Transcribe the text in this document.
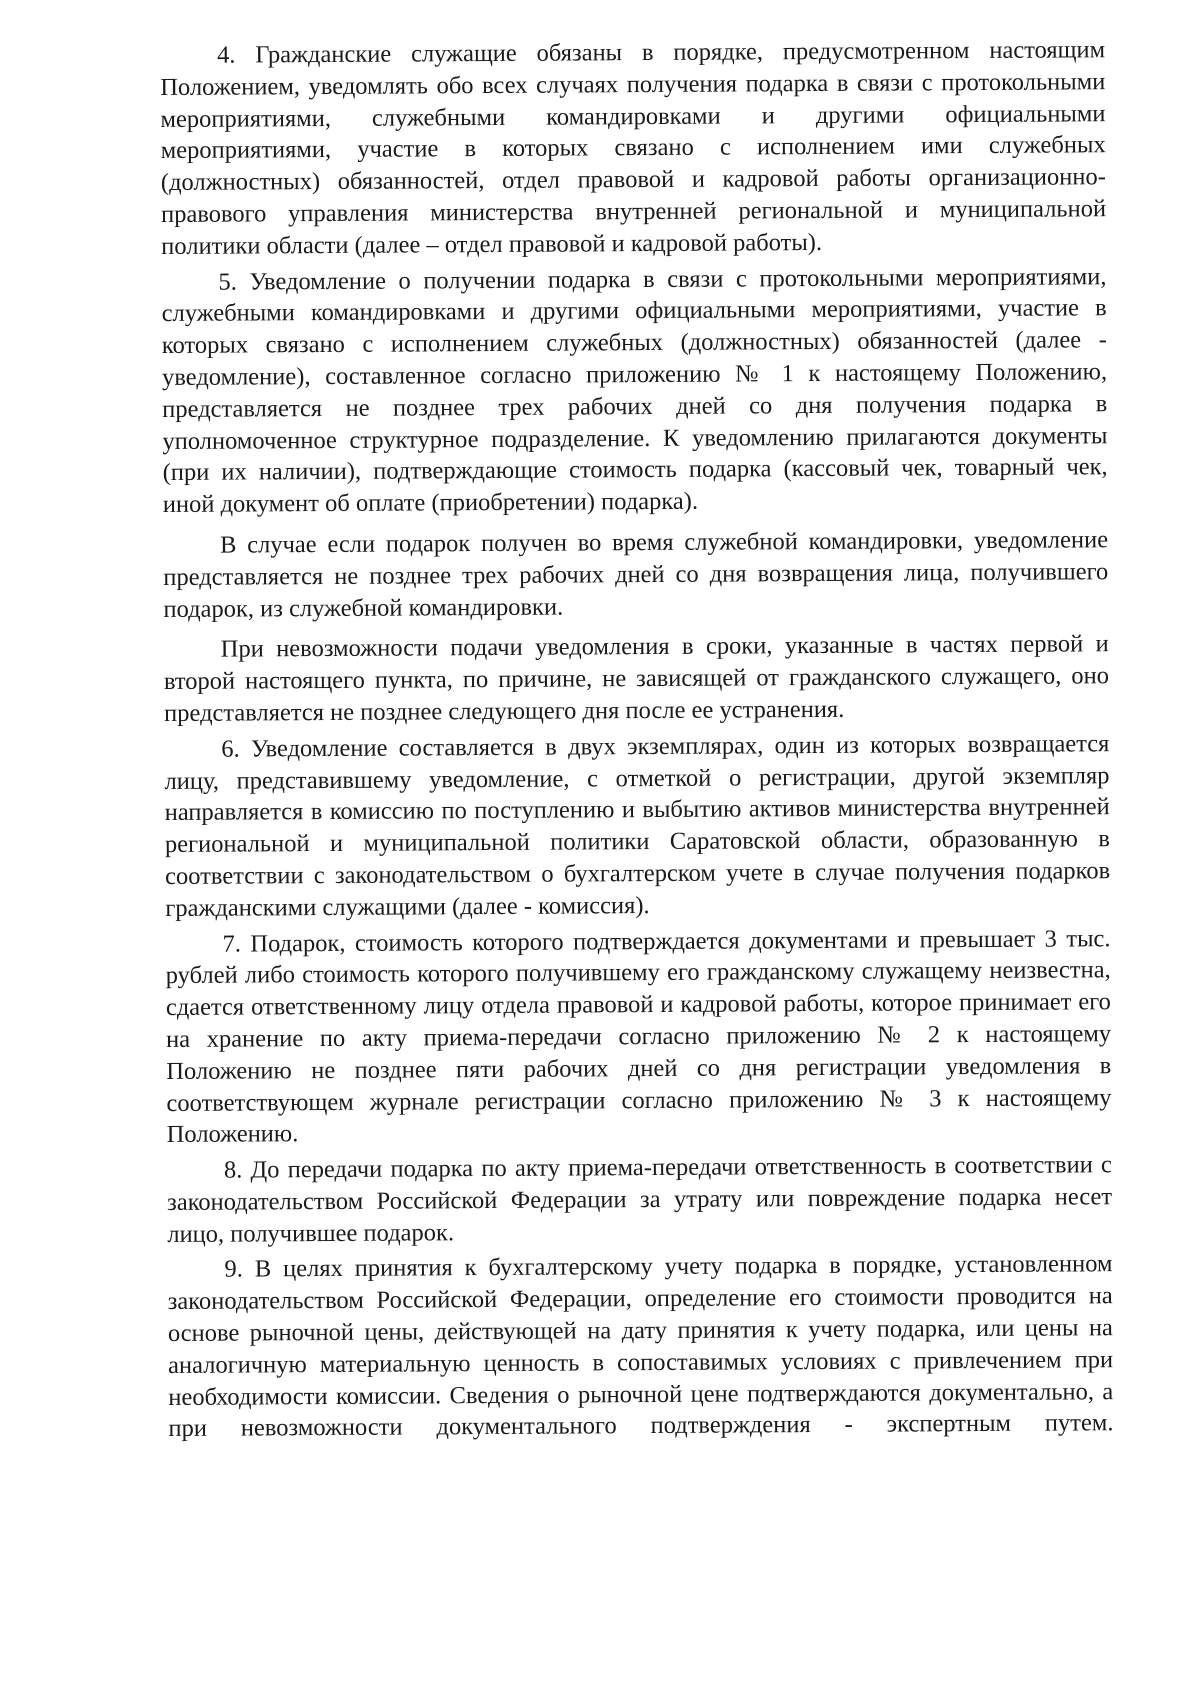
4. Гражданские служащие обязаны в порядке, предусмотренном настоящим Положением, уведомлять обо всех случаях получения подарка в связи с протокольными мероприятиями, служебными командировками и другими официальными мероприятиями, участие в которых связано с исполнением ими служебных (должностных) обязанностей, отдел правовой и кадровой работы организационно-правового управления министерства внутренней региональной и муниципальной политики области (далее – отдел правовой и кадровой работы).

5. Уведомление о получении подарка в связи с протокольными мероприятиями, служебными командировками и другими официальными мероприятиями, участие в которых связано с исполнением служебных (должностных) обязанностей (далее - уведомление), составленное согласно приложению № 1 к настоящему Положению, представляется не позднее трех рабочих дней со дня получения подарка в уполномоченное структурное подразделение. К уведомлению прилагаются документы (при их наличии), подтверждающие стоимость подарка (кассовый чек, товарный чек, иной документ об оплате (приобретении) подарка).

В случае если подарок получен во время служебной командировки, уведомление представляется не позднее трех рабочих дней со дня возвращения лица, получившего подарок, из служебной командировки.

При невозможности подачи уведомления в сроки, указанные в частях первой и второй настоящего пункта, по причине, не зависящей от гражданского служащего, оно представляется не позднее следующего дня после ее устранения.

6. Уведомление составляется в двух экземплярах, один из которых возвращается лицу, представившему уведомление, с отметкой о регистрации, другой экземпляр направляется в комиссию по поступлению и выбытию активов министерства внутренней региональной и муниципальной политики Саратовской области, образованную в соответствии с законодательством о бухгалтерском учете в случае получения подарков гражданскими служащими (далее - комиссия).

7. Подарок, стоимость которого подтверждается документами и превышает 3 тыс. рублей либо стоимость которого получившему его гражданскому служащему неизвестна, сдается ответственному лицу отдела правовой и кадровой работы, которое принимает его на хранение по акту приема-передачи согласно приложению № 2 к настоящему Положению не позднее пяти рабочих дней со дня регистрации уведомления в соответствующем журнале регистрации согласно приложению № 3 к настоящему Положению.

8. До передачи подарка по акту приема-передачи ответственность в соответствии с законодательством Российской Федерации за утрату или повреждение подарка несет лицо, получившее подарок.

9. В целях принятия к бухгалтерскому учету подарка в порядке, установленном законодательством Российской Федерации, определение его стоимости проводится на основе рыночной цены, действующей на дату принятия к учету подарка, или цены на аналогичную материальную ценность в сопоставимых условиях с привлечением при необходимости комиссии. Сведения о рыночной цене подтверждаются документально, а при невозможности документального подтверждения - экспертным путем.
